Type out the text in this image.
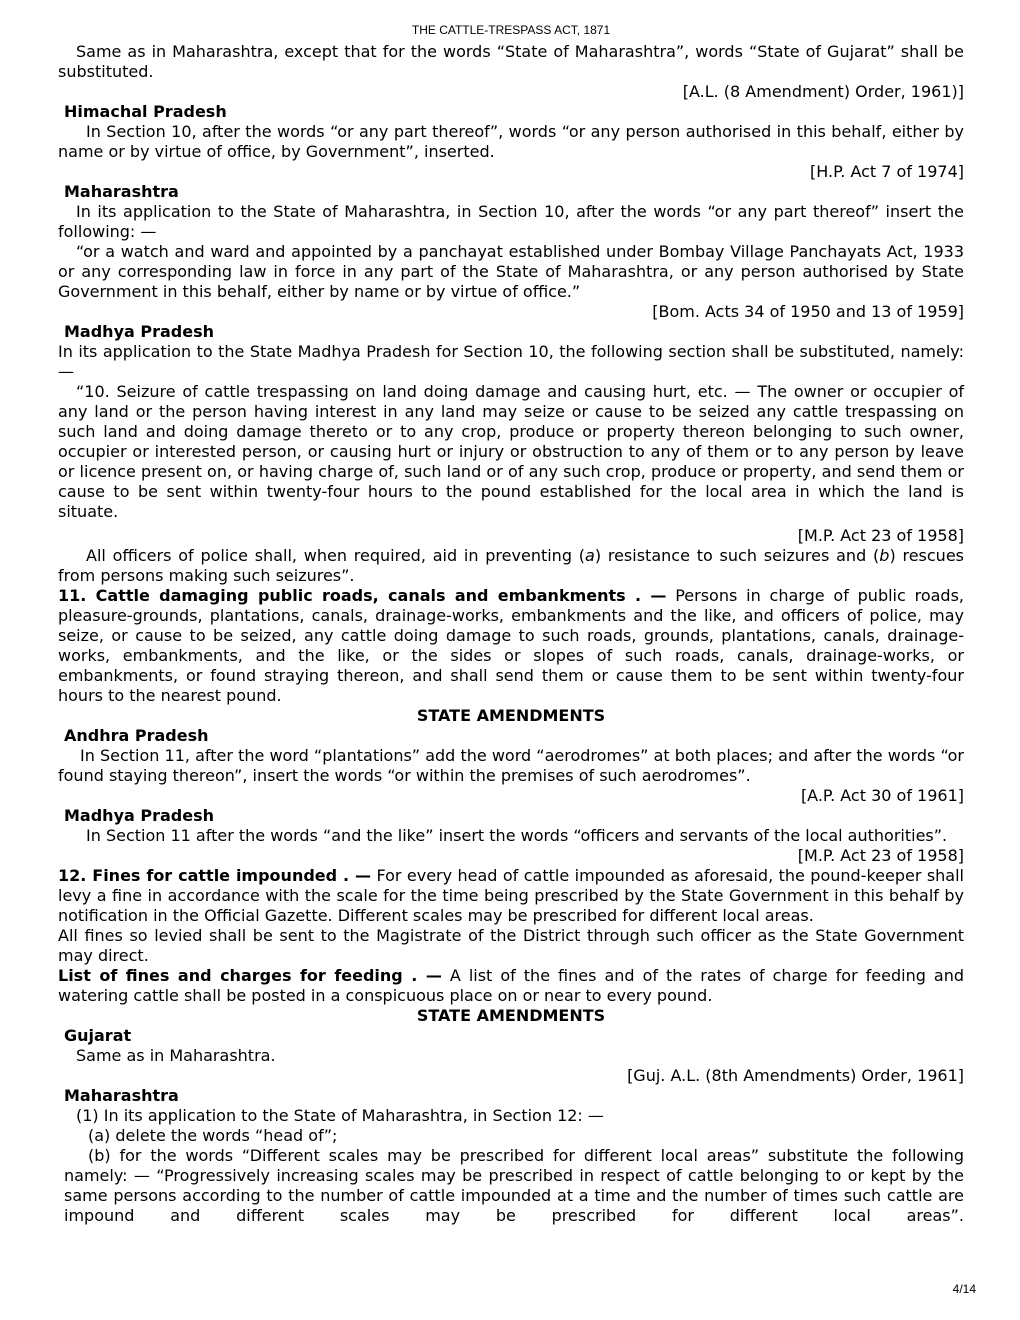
THE CATTLE-TRESPASS ACT, 1871

Same as in Maharashtra, except that for the words “State of Maharashtra”, words “State of Gujarat” shall be substituted.

[A.L. (8 Amendment) Order, 1961)]

Himachal Pradesh

In Section 10, after the words “or any part thereof”, words “or any person authorised in this behalf, either by name or by virtue of office, by Government”, inserted.

[H.P. Act 7 of 1974]

Maharashtra

In its application to the State of Maharashtra, in Section 10, after the words “or any part thereof” insert the following: —

“or a watch and ward and appointed by a panchayat established under Bombay Village Panchayats Act, 1933 or any corresponding law in force in any part of the State of Maharashtra, or any person authorised by State Government in this behalf, either by name or by virtue of office.”

[Bom. Acts 34 of 1950 and 13 of 1959]

Madhya Pradesh

In its application to the State Madhya Pradesh for Section 10, the following section shall be substituted, namely: —

“10. Seizure of cattle trespassing on land doing damage and causing hurt, etc. — The owner or occupier of any land or the person having interest in any land may seize or cause to be seized any cattle trespassing on such land and doing damage thereto or to any crop, produce or property thereon belonging to such owner, occupier or interested person, or causing hurt or injury or obstruction to any of them or to any person by leave or licence present on, or having charge of, such land or of any such crop, produce or property, and send them or cause to be sent within twenty-four hours to the pound established for the local area in which the land is situate.

[M.P. Act 23 of 1958]

All officers of police shall, when required, aid in preventing (a) resistance to such seizures and (b) rescues from persons making such seizures”.

11. Cattle damaging public roads, canals and embankments . — Persons in charge of public roads, pleasure-grounds, plantations, canals, drainage-works, embankments and the like, and officers of police, may seize, or cause to be seized, any cattle doing damage to such roads, grounds, plantations, canals, drainage-works, embankments, and the like, or the sides or slopes of such roads, canals, drainage-works, or embankments, or found straying thereon, and shall send them or cause them to be sent within twenty-four hours to the nearest pound.

STATE AMENDMENTS

Andhra Pradesh

In Section 11, after the word “plantations” add the word “aerodromes” at both places; and after the words “or found staying thereon”, insert the words “or within the premises of such aerodromes”.

[A.P. Act 30 of 1961]

Madhya Pradesh

In Section 11 after the words “and the like” insert the words “officers and servants of the local authorities”.

[M.P. Act 23 of 1958]

12. Fines for cattle impounded . — For every head of cattle impounded as aforesaid, the pound-keeper shall levy a fine in accordance with the scale for the time being prescribed by the State Government in this behalf by notification in the Official Gazette. Different scales may be prescribed for different local areas.

All fines so levied shall be sent to the Magistrate of the District through such officer as the State Government may direct.

List of fines and charges for feeding . — A list of the fines and of the rates of charge for feeding and watering cattle shall be posted in a conspicuous place on or near to every pound.

STATE AMENDMENTS

Gujarat

Same as in Maharashtra.

[Guj. A.L. (8th Amendments) Order, 1961]

Maharashtra

(1) In its application to the State of Maharashtra, in Section 12: —

(a) delete the words “head of”;

(b) for the words “Different scales may be prescribed for different local areas” substitute the following namely: — “Progressively increasing scales may be prescribed in respect of cattle belonging to or kept by the same persons according to the number of cattle impounded at a time and the number of times such cattle are impound and different scales may be prescribed for different local areas”.

4/14
